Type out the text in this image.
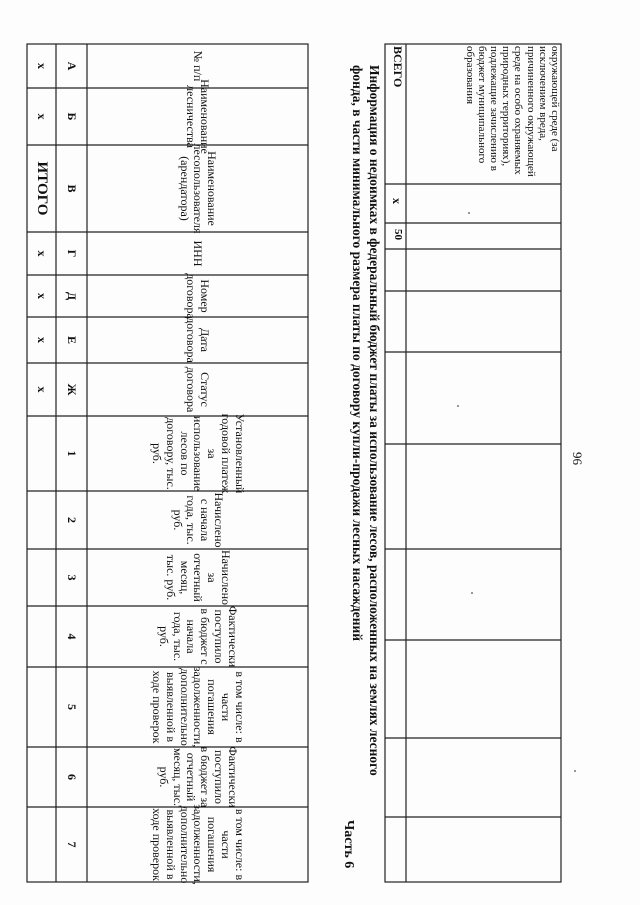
96
Информация о недоимках в федеральный бюджет платы за использование лесов, расположенных на землях лесного
фонда, в части минимального размера платы по договору купли-продажи лесных насаждений
Часть 6
№ п/п
Наименование лесничества
Наименование лесопользователя (арендатора)
ИНН
Номер договора
Дата договора
Статус договора
Установленный годовой платеж за использование лесов по договору, тыс. руб.
Начислено с начала года, тыс. руб.
Начислено за отчетный месяц, тыс. руб.
Фактически поступило в бюджет с начала года, тыс. руб.
в том числе: в части погашения задолженности, дополнительно выявленной в ходе проверок
Фактически поступило в бюджет за отчетный месяц, тыс. руб.
в том числе: в части погашения задолженности, дополнительно выявленной в ходе проверок
А
Б
В
Г
Д
Е
Ж
1
2
3
4
5
6
7
х
х
ИТОГО
х
х
х
х
окружающей среде (за исключением вреда, причиненного окружающей среде на особо охраняемых природных территориях), подлежащие зачислению в бюджет муниципального образования
ВСЕГО
х
50
